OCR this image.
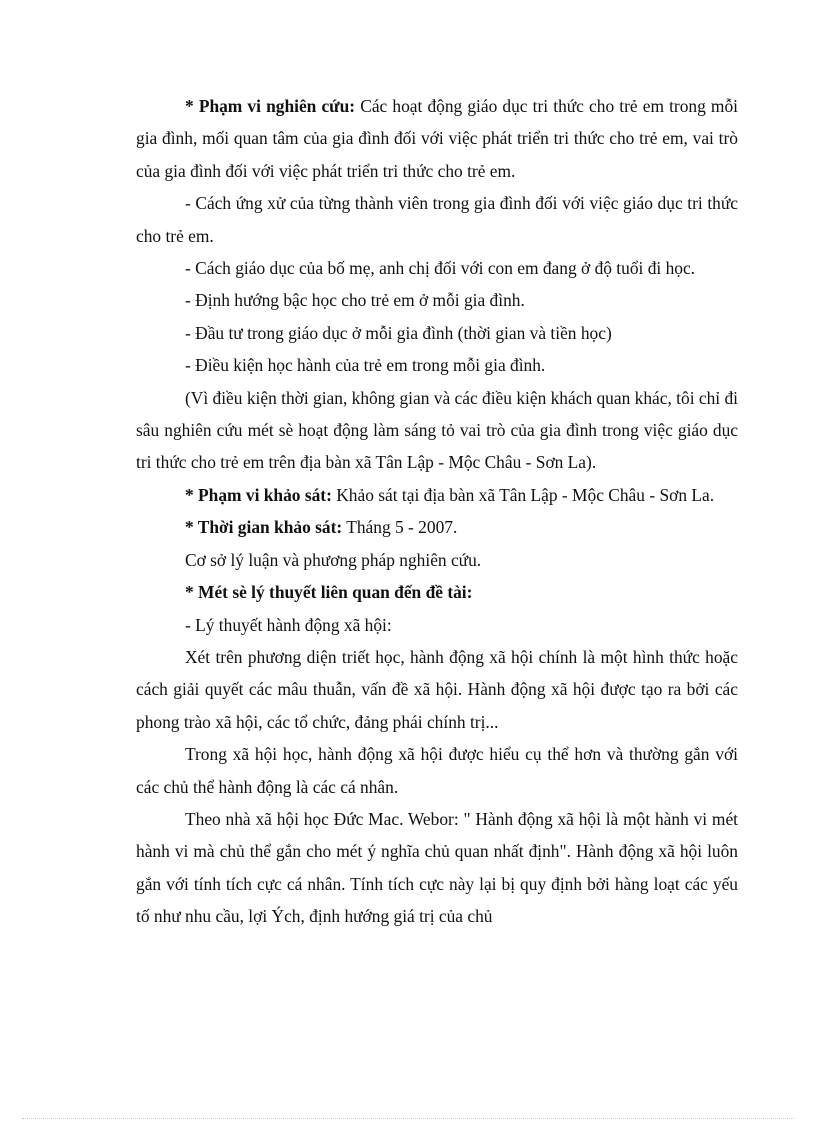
* Phạm vi nghiên cứu: Các hoạt động giáo dục tri thức cho trẻ em trong mỗi gia đình, mối quan tâm của gia đình đối với việc phát triển tri thức cho trẻ em, vai trò của gia đình đối với việc phát triển tri thức cho trẻ em.

- Cách ứng xử của từng thành viên trong gia đình đối với việc giáo dục tri thức cho trẻ em.

- Cách giáo dục của bố mẹ, anh chị đối với con em đang ở độ tuổi đi học.

- Định hướng bậc học cho trẻ em ở mỗi gia đình.

- Đầu tư trong giáo dục ở mỗi gia đình (thời gian và tiền học)

- Điều kiện học hành của trẻ em trong mỗi gia đình.

(Vì điều kiện thời gian, không gian và các điều kiện khách quan khác, tôi chỉ đi sâu nghiên cứu mét sè hoạt động làm sáng tỏ vai trò của gia đình trong việc giáo dục tri thức cho trẻ em trên địa bàn xã Tân Lập - Mộc Châu - Sơn La).

* Phạm vi khảo sát: Khảo sát tại địa bàn xã Tân Lập - Mộc Châu - Sơn La.

* Thời gian khảo sát: Tháng 5 - 2007.

Cơ sở lý luận và phương pháp nghiên cứu.

* Mét sè lý thuyết liên quan đến đề tài:

- Lý thuyết hành động xã hội:

Xét trên phương diện triết học, hành động xã hội chính là một hình thức hoặc cách giải quyết các mâu thuẫn, vấn đề xã hội. Hành động xã hội được tạo ra bởi các phong trào xã hội, các tổ chức, đảng phái chính trị...

Trong xã hội học, hành động xã hội được hiểu cụ thể hơn và thường gắn với các chủ thể hành động là các cá nhân.

Theo nhà xã hội học Đức Mac. Webor: " Hành động xã hội là một hành vi mét hành vi mà chủ thể gắn cho mét ý nghĩa chủ quan nhất định". Hành động xã hội luôn gắn với tính tích cực cá nhân. Tính tích cực này lại bị quy định bởi hàng loạt các yếu tố như nhu cầu, lợi Ých, định hướng giá trị của chủ
